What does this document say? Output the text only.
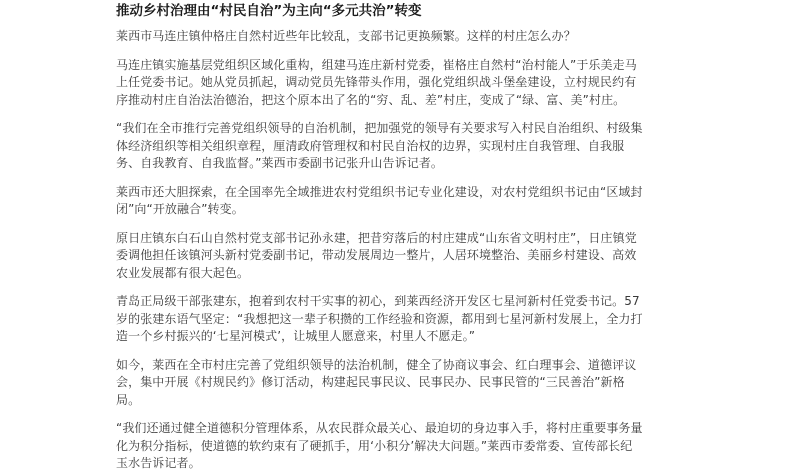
推动乡村治理由“村民自治”为主向“多元共治”转变

莱西市马连庄镇仲格庄自然村近些年比较乱，支部书记更换频繁。这样的村庄怎么办？

马连庄镇实施基层党组织区域化重构，组建马连庄新村党委，崔格庄自然村“治村能人”于乐美走马上任党委书记。她从党员抓起，调动党员先锋带头作用，强化党组织战斗堡垒建设，立村规民约有序推动村庄自治法治德治，把这个原本出了名的“穷、乱、差”村庄，变成了“绿、富、美”村庄。

“我们在全市推行完善党组织领导的自治机制，把加强党的领导有关要求写入村民自治组织、村级集体经济组织等相关组织章程，厘清政府管理权和村民自治权的边界，实现村庄自我管理、自我服务、自我教育、自我监督。”莱西市委副书记张升山告诉记者。

莱西市还大胆探索，在全国率先全域推进农村党组织书记专业化建设，对农村党组织书记由“区域封闭”向“开放融合”转变。

原日庄镇东白石山自然村党支部书记孙永建，把昔穷落后的村庄建成“山东省文明村庄”，日庄镇党委调他担任该镇河头新村党委副书记，带动发展周边一整片，人居环境整治、美丽乡村建设、高效农业发展都有很大起色。

青岛正局级干部张建东，抱着到农村干实事的初心，到莱西经济开发区七星河新村任党委书记。57岁的张建东语气坚定：“我想把这一辈子积攒的工作经验和资源，都用到七星河新村发展上，全力打造一个乡村振兴的‘七星河模式’，让城里人愿意来，村里人不愿走。”

如今，莱西在全市村庄完善了党组织领导的法治机制，健全了协商议事会、红白理事会、道德评议会，集中开展《村规民约》修订活动，构建起民事民议、民事民办、民事民管的“三民善治”新格局。

“我们还通过健全道德积分管理体系，从农民群众最关心、最迫切的身边事入手，将村庄重要事务量化为积分指标，使道德的软约束有了硬抓手，用‘小积分’解决大问题。”莱西市委常委、宣传部长纪玉水告诉记者。
